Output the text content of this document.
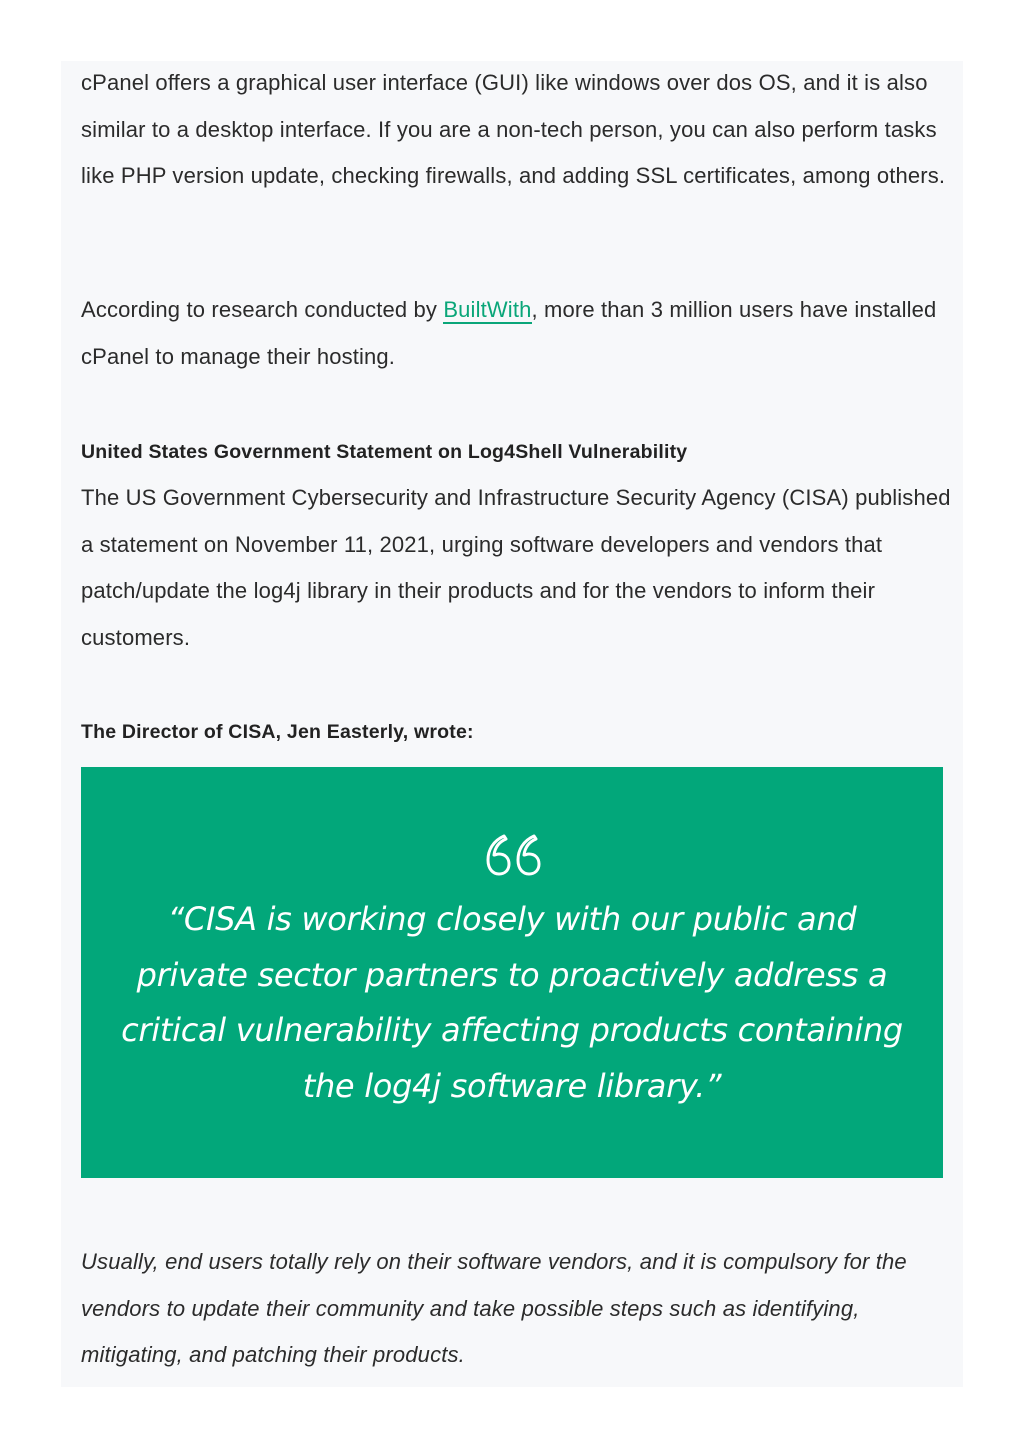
cPanel offers a graphical user interface (GUI) like windows over dos OS, and it is also similar to a desktop interface. If you are a non-tech person, you can also perform tasks like PHP version update, checking firewalls, and adding SSL certificates, among others.

According to research conducted by BuiltWith, more than 3 million users have installed cPanel to manage their hosting.

United States Government Statement on Log4Shell Vulnerability

The US Government Cybersecurity and Infrastructure Security Agency (CISA) published a statement on November 11, 2021, urging software developers and vendors that patch/update the log4j library in their products and for the vendors to inform their customers.

The Director of CISA, Jen Easterly, wrote:

Usually, end users totally rely on their software vendors, and it is compulsory for the vendors to update their community and take possible steps such as identifying, mitigating, and patching their products.

“CISA is working closely with our public and private sector partners to proactively address a critical vulnerability affecting products containing the log4j software library.”
